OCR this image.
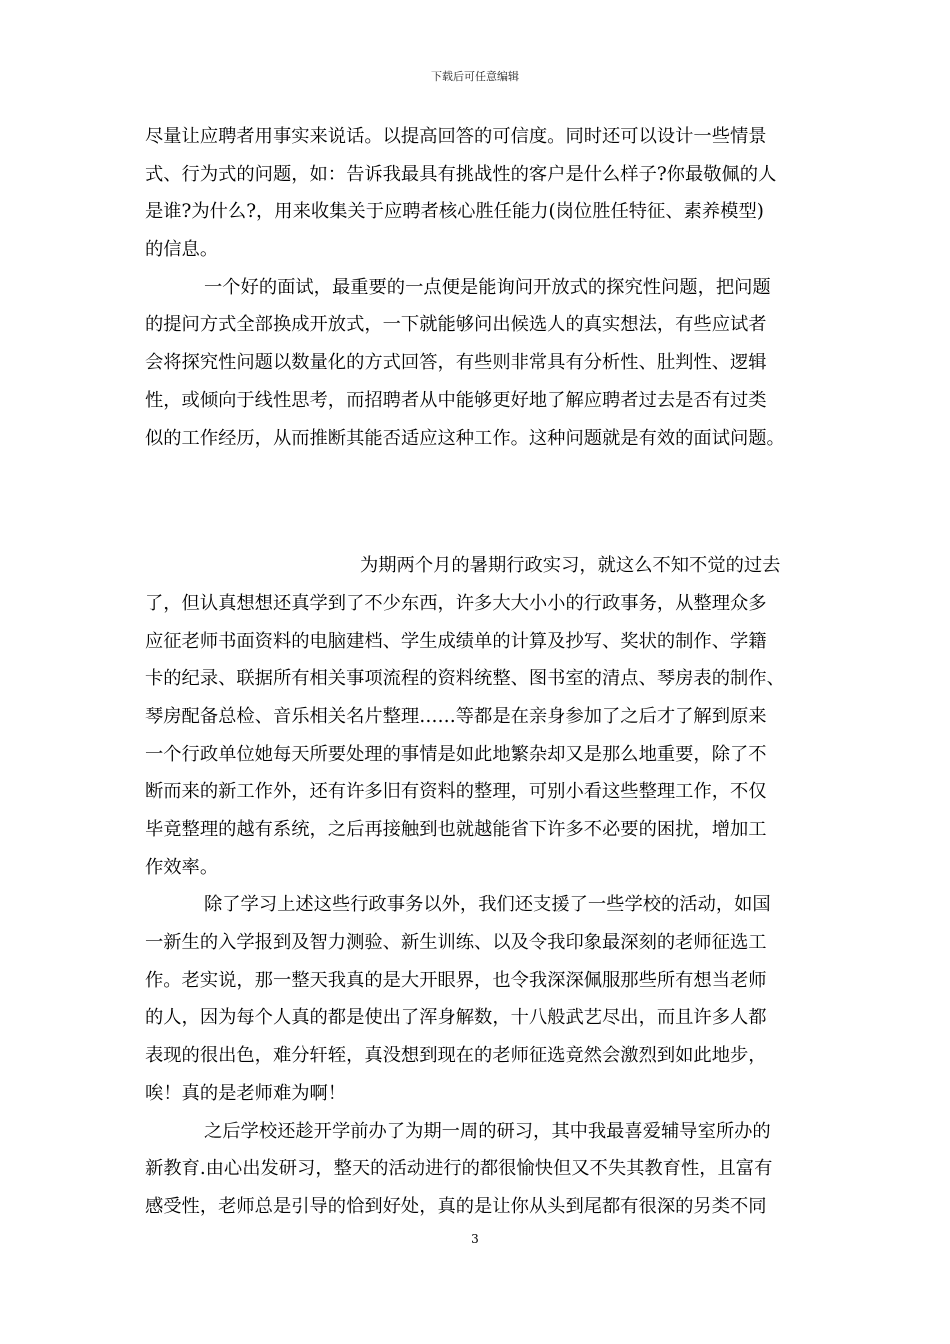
下载后可任意编辑
尽量让应聘者用事实来说话。以提高回答的可信度。同时还可以设计一些情景
式、行为式的问题，如：告诉我最具有挑战性的客户是什么样子?你最敬佩的人
是谁?为什么?，用来收集关于应聘者核心胜任能力(岗位胜任特征、素养模型)
的信息。
一个好的面试，最重要的一点便是能询问开放式的探究性问题，把问题
的提问方式全部换成开放式，一下就能够问出候选人的真实想法，有些应试者
会将探究性问题以数量化的方式回答，有些则非常具有分析性、肚判性、逻辑
性，或倾向于线性思考，而招聘者从中能够更好地了解应聘者过去是否有过类
似的工作经历，从而推断其能否适应这种工作。这种问题就是有效的面试问题。
为期两个月的暑期行政实习，就这么不知不觉的过去
了，但认真想想还真学到了不少东西，许多大大小小的行政事务，从整理众多
应征老师书面资料的电脑建档、学生成绩单的计算及抄写、奖状的制作、学籍
卡的纪录、联据所有相关事项流程的资料统整、图书室的清点、琴房表的制作、
琴房配备总检、音乐相关名片整理……等都是在亲身参加了之后才了解到原来
一个行政单位她每天所要处理的事情是如此地繁杂却又是那么地重要，除了不
断而来的新工作外，还有许多旧有资料的整理，可别小看这些整理工作，不仅
毕竟整理的越有系统，之后再接触到也就越能省下许多不必要的困扰，增加工
作效率。
除了学习上述这些行政事务以外，我们还支援了一些学校的活动，如国
一新生的入学报到及智力测验、新生训练、以及令我印象最深刻的老师征选工
作。老实说，那一整天我真的是大开眼界，也令我深深佩服那些所有想当老师
的人，因为每个人真的都是使出了浑身解数，十八般武艺尽出，而且许多人都
表现的很出色，难分轩轾，真没想到现在的老师征选竟然会激烈到如此地步，
唉！真的是老师难为啊！
之后学校还趁开学前办了为期一周的研习，其中我最喜爱辅导室所办的
新教育.由心出发研习，整天的活动进行的都很愉快但又不失其教育性，且富有
感受性，老师总是引导的恰到好处，真的是让你从头到尾都有很深的另类不同
3
